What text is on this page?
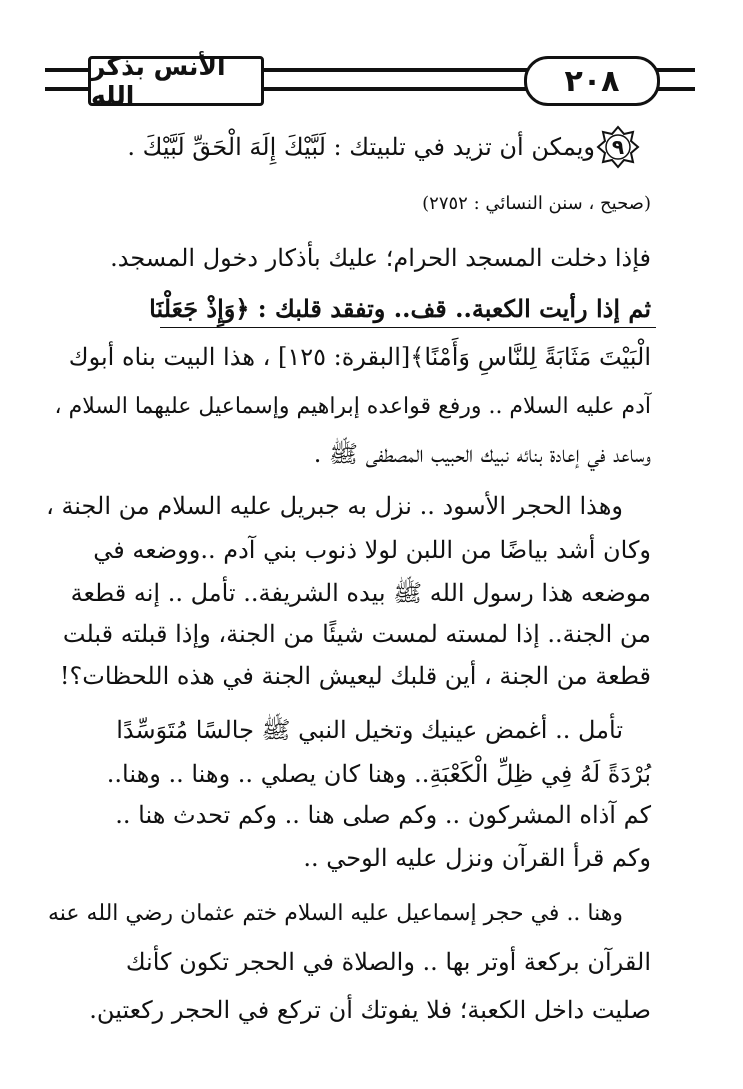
الأنس بذكر الله	٢٠٨
٩
ويمكن أن تزيد في تلبيتك : لَبَّيْكَ إِلَهَ الْحَقِّ لَبَّيْكَ .
(صحيح ، سنن النسائي : ٢٧٥٢)
فإذا دخلت المسجد الحرام؛ عليك بأذكار دخول المسجد.
ثم إذا رأيت الكعبة.. قف.. وتفقد قلبك : ﴿وَإِذْ جَعَلْنَا
الْبَيْتَ مَثَابَةً لِلنَّاسِ وَأَمْنًا﴾[البقرة: ١٢٥] ، هذا البيت بناه أبوك
آدم عليه السلام .. ورفع قواعده إبراهيم وإسماعيل عليهما السلام ،
وساعد في إعادة بنائه نبيك الحبيب المصطفى ﷺ .
وهذا الحجر الأسود .. نزل به جبريل عليه السلام من الجنة ،
وكان أشد بياضًا من اللبن لولا ذنوب بني آدم ..ووضعه في
موضعه هذا رسول الله ﷺ بيده الشريفة.. تأمل .. إنه قطعة
من الجنة.. إذا لمسته لمست شيئًا من الجنة، وإذا قبلته قبلت
قطعة من الجنة ، أين قلبك ليعيش الجنة في هذه اللحظات؟!
تأمل .. أغمض عينيك وتخيل النبي ﷺ جالسًا مُتَوَسِّدًا
بُرْدَةً لَهُ فِي ظِلِّ الْكَعْبَةِ.. وهنا كان يصلي .. وهنا .. وهنا..
كم آذاه المشركون .. وكم صلى هنا .. وكم تحدث هنا ..
وكم قرأ القرآن ونزل عليه الوحي ..
وهنا .. في حجر إسماعيل عليه السلام ختم عثمان رضي الله عنه
القرآن بركعة أوتر بها .. والصلاة في الحجر تكون كأنك
صليت داخل الكعبة؛ فلا يفوتك أن تركع في الحجر ركعتين.
